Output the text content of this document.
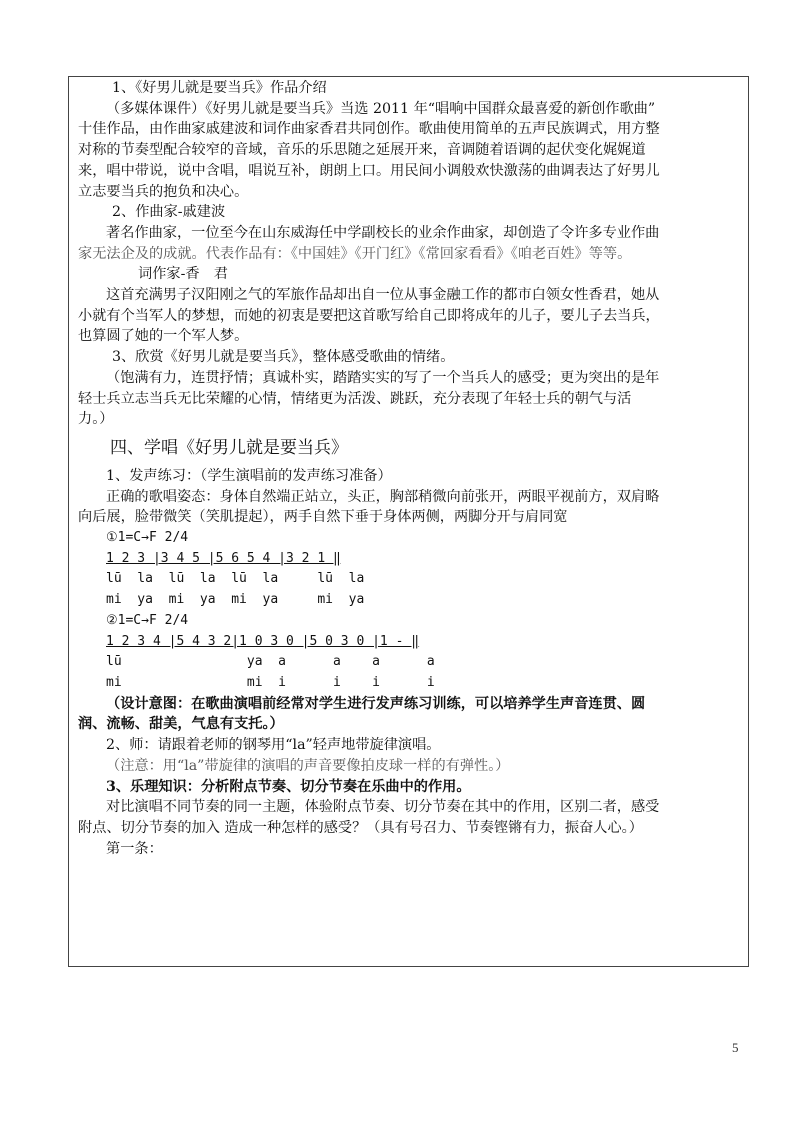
1、《好男儿就是要当兵》作品介绍
（多媒体课件）《好男儿就是要当兵》当选 2011 年“唱响中国群众最喜爱的新创作歌曲”
十佳作品，由作曲家戚建波和词作曲家香君共同创作。歌曲使用简单的五声民族调式，用方整
对称的节奏型配合较窄的音域，音乐的乐思随之延展开来，音调随着语调的起伏变化娓娓道
来，唱中带说，说中含唱，唱说互补，朗朗上口。用民间小调般欢快激荡的曲调表达了好男儿
立志要当兵的抱负和决心。
2、作曲家-戚建波
著名作曲家，一位至今在山东威海任中学副校长的业余作曲家，却创造了令许多专业作曲
家无法企及的成就。代表作品有：《中国娃》《开门红》《常回家看看》《咱老百姓》等等。
词作家-香　君
这首充满男子汉阳刚之气的军旅作品却出自一位从事金融工作的都市白领女性香君，她从
小就有个当军人的梦想，而她的初衷是要把这首歌写给自己即将成年的儿子，要儿子去当兵，
也算圆了她的一个军人梦。
3、欣赏《好男儿就是要当兵》，整体感受歌曲的情绪。
（饱满有力，连贯抒情；真诚朴实，踏踏实实的写了一个当兵人的感受；更为突出的是年
轻士兵立志当兵无比荣耀的心情，情绪更为活泼、跳跃，充分表现了年轻士兵的朝气与活
力。）
四、学唱《好男儿就是要当兵》
1、发声练习：（学生演唱前的发声练习准备）
正确的歌唱姿态：身体自然端正站立，头正，胸部稍微向前张开，两眼平视前方，双肩略
向后展，脸带微笑（笑肌提起），两手自然下垂于身体两侧，两脚分开与肩同宽
①1=C→F 2/4
1 2 3 |3 4 5 |5 6 5 4 |3 2 1 ‖
lū  la  lū  la  lū  la     lū  la
mi  ya  mi  ya  mi  ya     mi  ya
②1=C→F 2/4
1 2 3 4 |5 4 3 2|1 0 3 0 |5 0 3 0 |1 - ‖
lū                ya  a      a    a      a
mi                mi  i      i    i      i
（设计意图：在歌曲演唱前经常对学生进行发声练习训练，可以培养学生声音连贯、圆
润、流畅、甜美，气息有支托。）
2、师：请跟着老师的钢琴用“la”轻声地带旋律演唱。
（注意：用“la”带旋律的演唱的声音要像拍皮球一样的有弹性。）
3、乐理知识：分析附点节奏、切分节奏在乐曲中的作用。
对比演唱不同节奏的同一主题，体验附点节奏、切分节奏在其中的作用，区别二者，感受
附点、切分节奏的加入 造成一种怎样的感受？（具有号召力、节奏铿锵有力，振奋人心。）
第一条：
5
